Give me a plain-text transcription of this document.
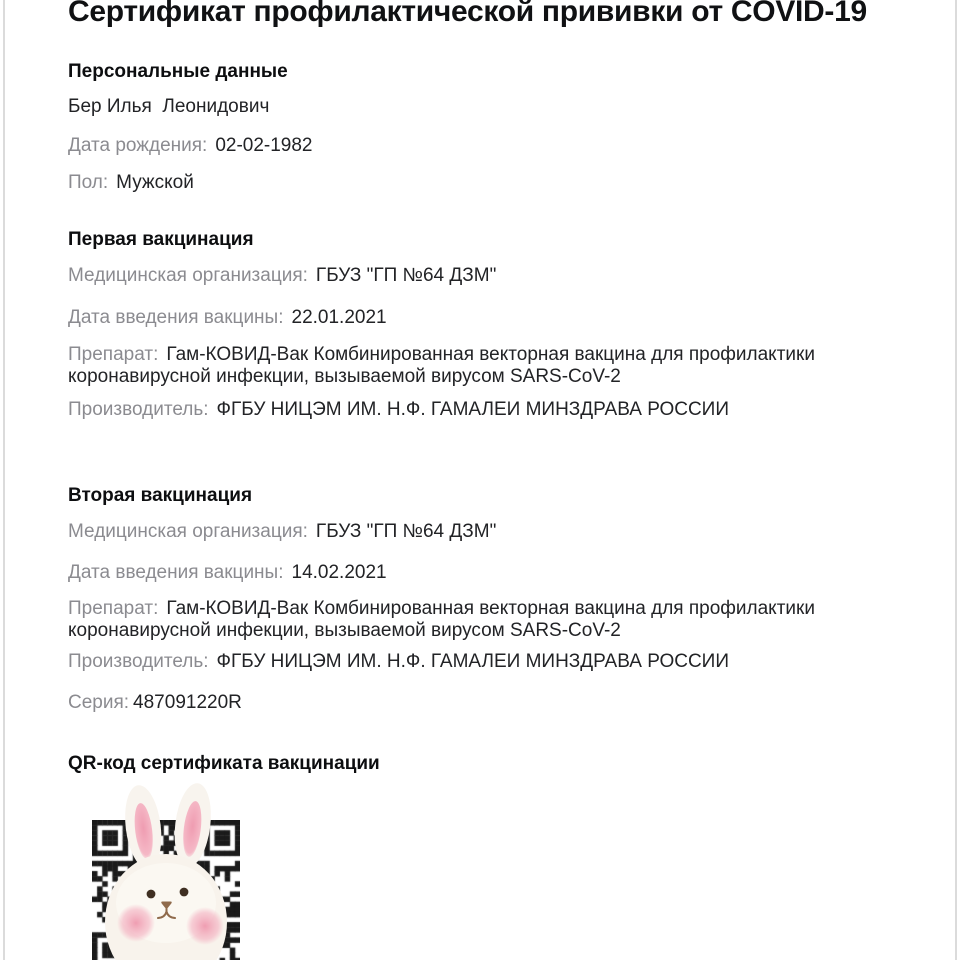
Сертификат профилактической прививки от COVID-19
Персональные данные
Бер Илья  Леонидович
Дата рождения: 02-02-1982
Пол: Мужской
Первая вакцинация
Медицинская организация: ГБУЗ "ГП №64 ДЗМ"
Дата введения вакцины: 22.01.2021
Препарат: Гам-КОВИД-Вак Комбинированная векторная вакцина для профилактики коронавирусной инфекции, вызываемой вирусом SARS-CoV-2
Производитель: ФГБУ НИЦЭМ ИМ. Н.Ф. ГАМАЛЕИ МИНЗДРАВА РОССИИ
Вторая вакцинация
Медицинская организация: ГБУЗ "ГП №64 ДЗМ"
Дата введения вакцины: 14.02.2021
Препарат: Гам-КОВИД-Вак Комбинированная векторная вакцина для профилактики коронавирусной инфекции, вызываемой вирусом SARS-CoV-2
Производитель: ФГБУ НИЦЭМ ИМ. Н.Ф. ГАМАЛЕИ МИНЗДРАВА РОССИИ
Серия: 487091220R
QR-код сертификата вакцинации
